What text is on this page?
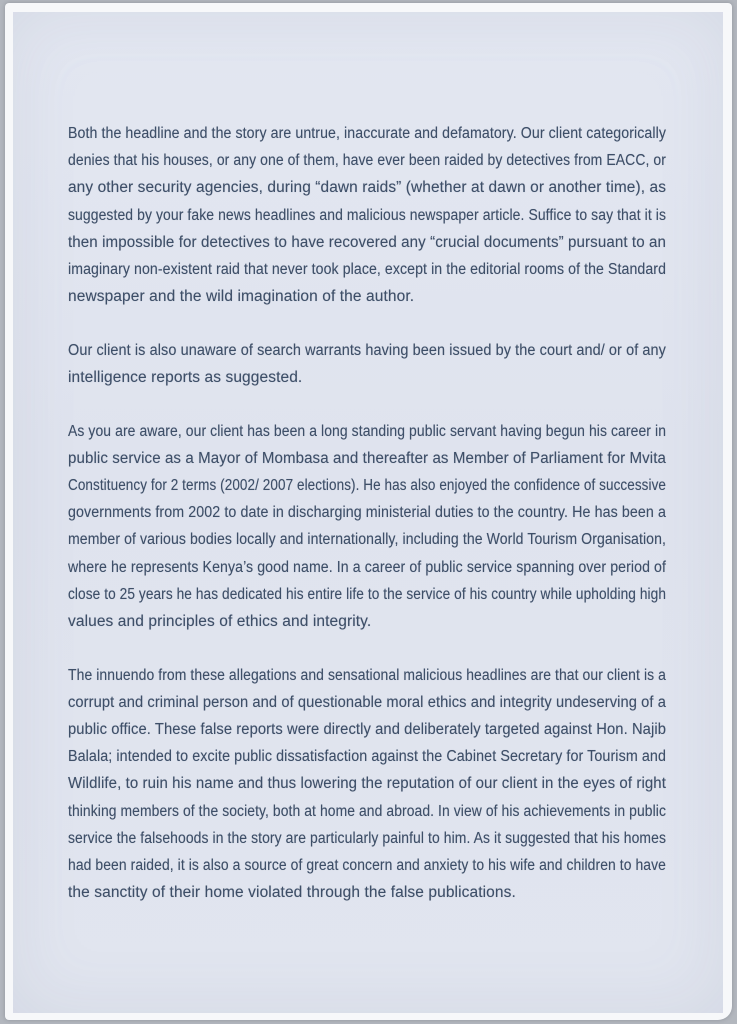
Both the headline and the story are untrue, inaccurate and defamatory. Our client categorically
denies that his houses, or any one of them, have ever been raided by detectives from EACC, or
any other security agencies, during “dawn raids” (whether at dawn or another time), as
suggested by your fake news headlines and malicious newspaper article. Suffice to say that it is
then impossible for detectives to have recovered any “crucial documents” pursuant to an
imaginary non-existent raid that never took place, except in the editorial rooms of the Standard
newspaper and the wild imagination of the author.
Our client is also unaware of search warrants having been issued by the court and/ or of any
intelligence reports as suggested.
As you are aware, our client has been a long standing public servant having begun his career in
public service as a Mayor of Mombasa and thereafter as Member of Parliament for Mvita
Constituency for 2 terms (2002/ 2007 elections). He has also enjoyed the confidence of successive
governments from 2002 to date in discharging ministerial duties to the country. He has been a
member of various bodies locally and internationally, including the World Tourism Organisation,
where he represents Kenya’s good name. In a career of public service spanning over period of
close to 25 years he has dedicated his entire life to the service of his country while upholding high
values and principles of ethics and integrity.
The innuendo from these allegations and sensational malicious headlines are that our client is a
corrupt and criminal person and of questionable moral ethics and integrity undeserving of a
public office. These false reports were directly and deliberately targeted against Hon. Najib
Balala; intended to excite public dissatisfaction against the Cabinet Secretary for Tourism and
Wildlife, to ruin his name and thus lowering the reputation of our client in the eyes of right
thinking members of the society, both at home and abroad. In view of his achievements in public
service the falsehoods in the story are particularly painful to him. As it suggested that his homes
had been raided, it is also a source of great concern and anxiety to his wife and children to have
the sanctity of their home violated through the false publications.
